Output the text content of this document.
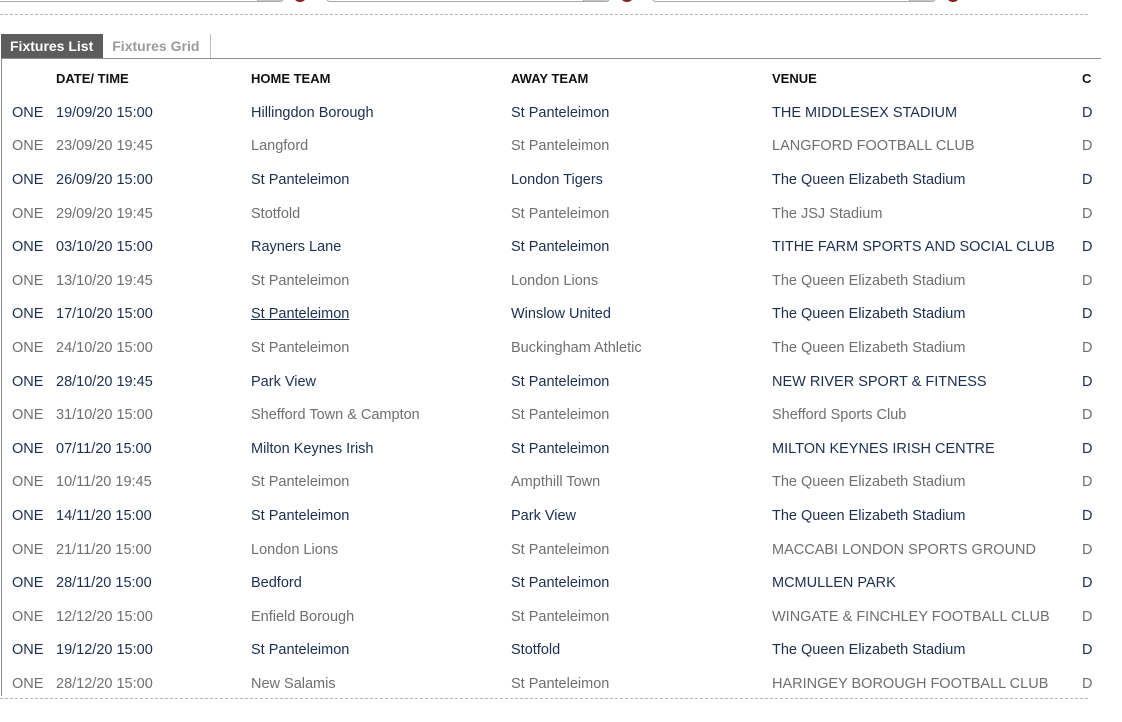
Fixtures List	Fixtures Grid
	DATE/ TIME	HOME TEAM	AWAY TEAM	VENUE	C
ONE	19/09/20 15:00	Hillingdon Borough	St Panteleimon	THE MIDDLESEX STADIUM	D
ONE	23/09/20 19:45	Langford	St Panteleimon	LANGFORD FOOTBALL CLUB	D
ONE	26/09/20 15:00	St Panteleimon	London Tigers	The Queen Elizabeth Stadium	D
ONE	29/09/20 19:45	Stotfold	St Panteleimon	The JSJ Stadium	D
ONE	03/10/20 15:00	Rayners Lane	St Panteleimon	TITHE FARM SPORTS AND SOCIAL CLUB	D
ONE	13/10/20 19:45	St Panteleimon	London Lions	The Queen Elizabeth Stadium	D
ONE	17/10/20 15:00	St Panteleimon	Winslow United	The Queen Elizabeth Stadium	D
ONE	24/10/20 15:00	St Panteleimon	Buckingham Athletic	The Queen Elizabeth Stadium	D
ONE	28/10/20 19:45	Park View	St Panteleimon	NEW RIVER SPORT & FITNESS	D
ONE	31/10/20 15:00	Shefford Town & Campton	St Panteleimon	Shefford Sports Club	D
ONE	07/11/20 15:00	Milton Keynes Irish	St Panteleimon	MILTON KEYNES IRISH CENTRE	D
ONE	10/11/20 19:45	St Panteleimon	Ampthill Town	The Queen Elizabeth Stadium	D
ONE	14/11/20 15:00	St Panteleimon	Park View	The Queen Elizabeth Stadium	D
ONE	21/11/20 15:00	London Lions	St Panteleimon	MACCABI LONDON SPORTS GROUND	D
ONE	28/11/20 15:00	Bedford	St Panteleimon	MCMULLEN PARK	D
ONE	12/12/20 15:00	Enfield Borough	St Panteleimon	WINGATE & FINCHLEY FOOTBALL CLUB	D
ONE	19/12/20 15:00	St Panteleimon	Stotfold	The Queen Elizabeth Stadium	D
ONE	28/12/20 15:00	New Salamis	St Panteleimon	HARINGEY BOROUGH FOOTBALL CLUB	D
